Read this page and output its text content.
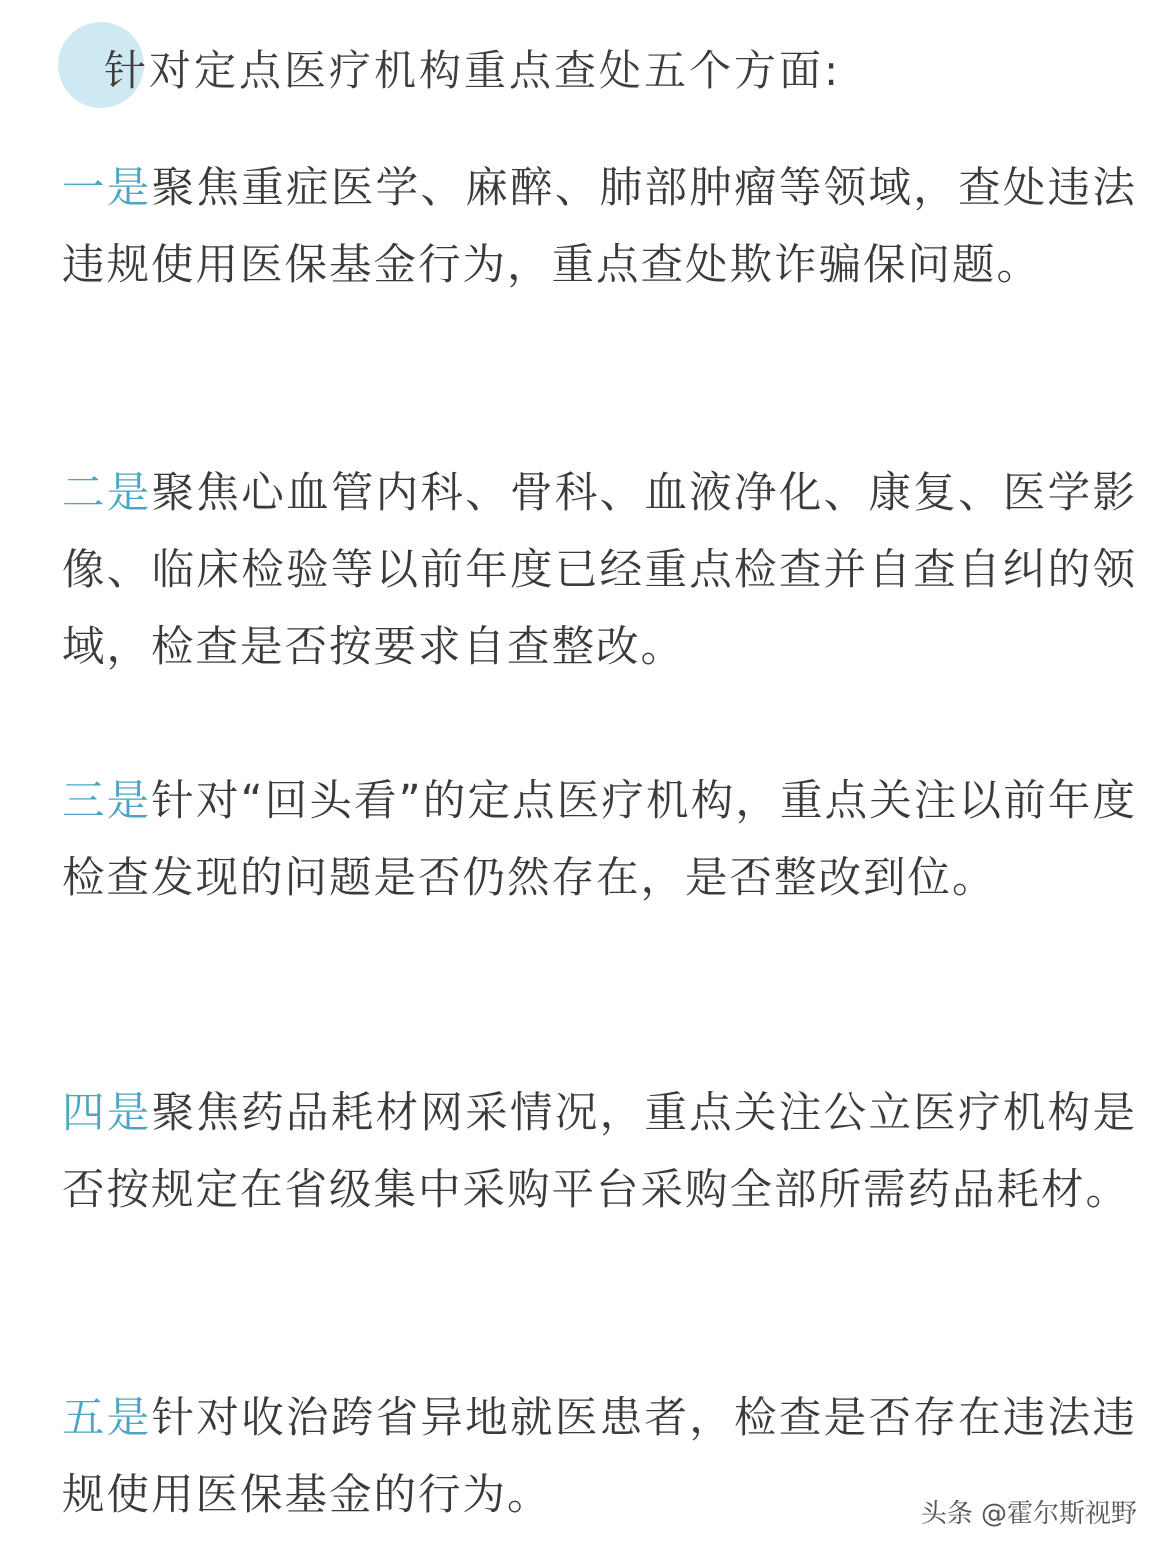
针对定点医疗机构重点查处五个方面:
一是聚焦重症医学、麻醉、肺部肿瘤等领域，查处违法违规使用医保基金行为，重点查处欺诈骗保问题。
二是聚焦心血管内科、骨科、血液净化、康复、医学影像、临床检验等以前年度已经重点检查并自查自纠的领域，检查是否按要求自查整改。
三是针对“回头看”的定点医疗机构，重点关注以前年度检查发现的问题是否仍然存在，是否整改到位。
四是聚焦药品耗材网采情况，重点关注公立医疗机构是否按规定在省级集中采购平台采购全部所需药品耗材。
五是针对收治跨省异地就医患者，检查是否存在违法违规使用医保基金的行为。	头条 @霍尔斯视野
